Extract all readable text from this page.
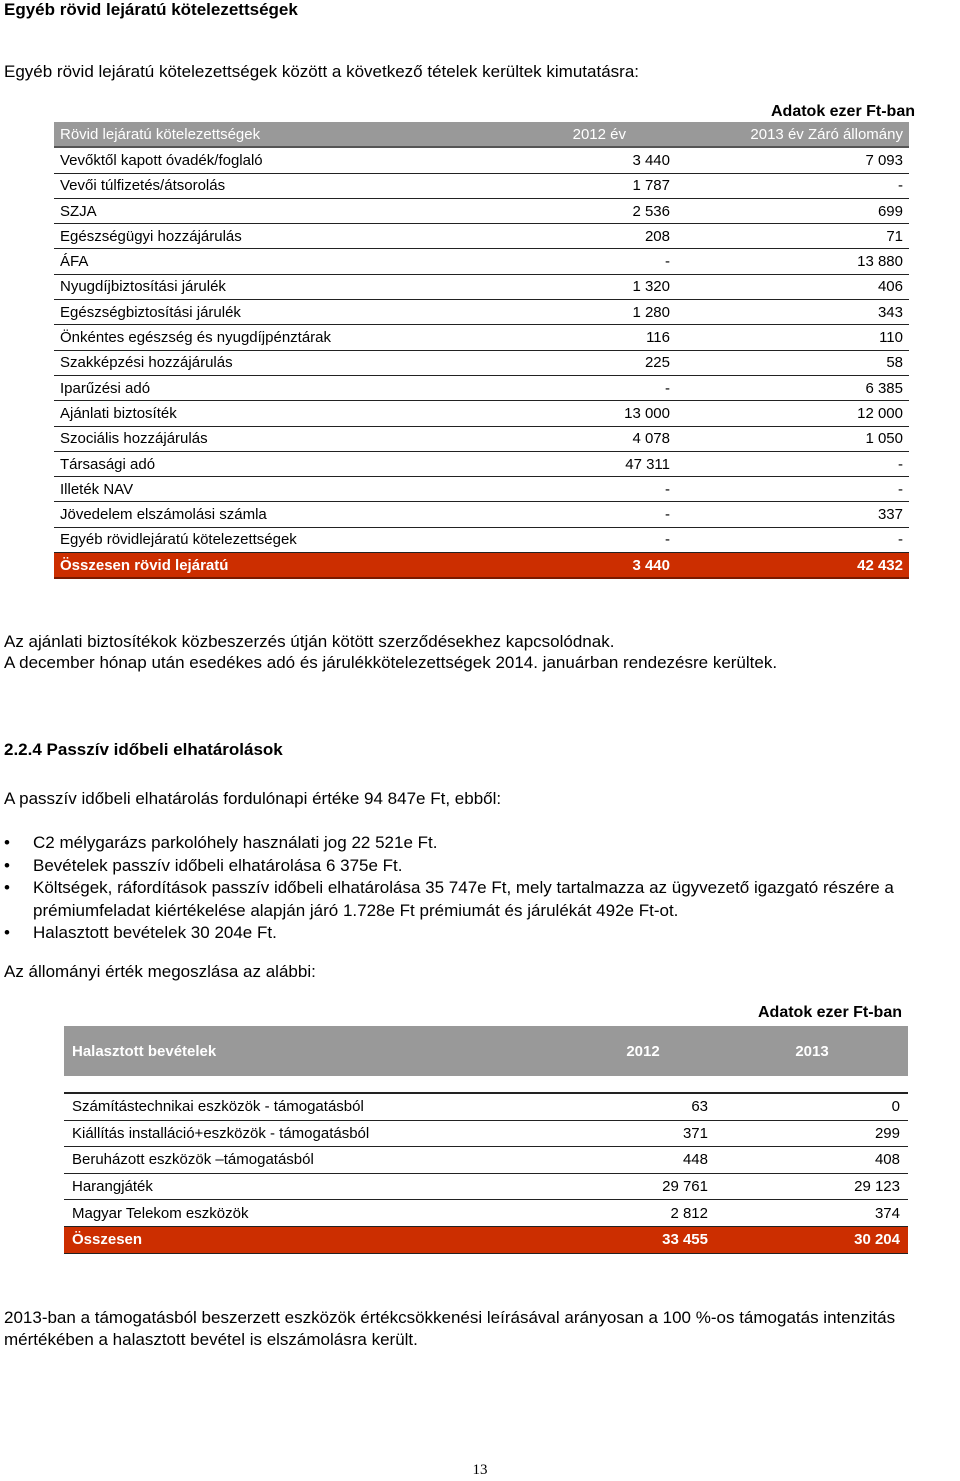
Egyéb rövid lejáratú kötelezettségek
Egyéb rövid lejáratú kötelezettségek között a következő tételek kerültek kimutatásra:
Adatok ezer Ft-ban
Rövid lejáratú kötelezettségek	2012 év	2013 év Záró állomány
Vevőktől kapott óvadék/foglaló	3 440	7 093
Vevői túlfizetés/átsorolás	1 787	-
SZJA	2 536	699
Egészségügyi hozzájárulás	208	71
ÁFA	-	13 880
Nyugdíjbiztosítási járulék	1 320	406
Egészségbiztosítási járulék	1 280	343
Önkéntes egészség és nyugdíjpénztárak	116	110
Szakképzési hozzájárulás	225	58
Iparűzési adó	-	6 385
Ajánlati biztosíték	13 000	12 000
Szociális hozzájárulás	4 078	1 050
Társasági adó	47 311	-
Illeték NAV	-	-
Jövedelem elszámolási számla	-	337
Egyéb rövidlejáratú kötelezettségek	-	-
Összesen rövid lejáratú	3 440	42 432
Az ajánlati biztosítékok közbeszerzés útján kötött szerződésekhez kapcsolódnak.
A december hónap után esedékes adó és járulékkötelezettségek 2014. januárban rendezésre kerültek.
2.2.4 Passzív időbeli elhatárolások
A passzív időbeli elhatárolás fordulónapi értéke 94 847e Ft, ebből:
• C2 mélygarázs parkolóhely használati jog 22 521e Ft.
• Bevételek passzív időbeli elhatárolása 6 375e Ft.
• Költségek, ráfordítások passzív időbeli elhatárolása 35 747e Ft, mely tartalmazza az ügyvezető igazgató részére a prémiumfeladat kiértékelése alapján járó 1.728e Ft prémiumát és járulékát 492e Ft-ot.
• Halasztott bevételek 30 204e Ft.
Az állományi érték megoszlása az alábbi:
Adatok ezer Ft-ban
Halasztott bevételek	2012	2013

Számítástechnikai eszközök - támogatásból	63	0
Kiállítás installáció+eszközök - támogatásból	371	299
Beruházott eszközök –támogatásból	448	408
Harangjáték	29 761	29 123
Magyar Telekom eszközök	2 812	374
Összesen	33 455	30 204
2013-ban a támogatásból beszerzett eszközök értékcsökkenési leírásával arányosan a 100 %-os támogatás intenzitás mértékében a halasztott bevétel is elszámolásra került.
13
